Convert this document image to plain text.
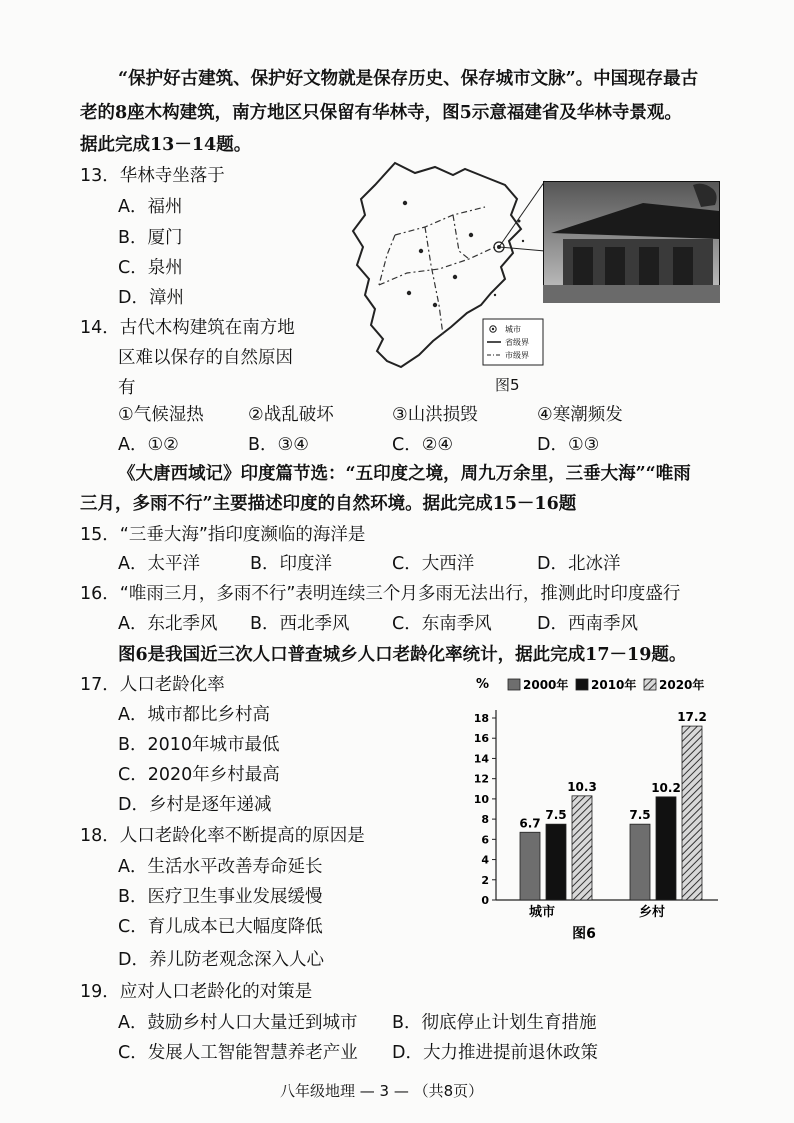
“保护好古建筑、保护好文物就是保存历史、保存城市文脉”。中国现存最古
老的8座木构建筑，南方地区只保留有华林寺，图5示意福建省及华林寺景观。
据此完成13－14题。
13．华林寺坐落于
A．福州
B．厦门
C．泉州
D．漳州
14．古代木构建筑在南方地
区难以保存的自然原因
有
①气候湿热	②战乱破坏	③山洪损毁	④寒潮频发
A．①②	B．③④	C．②④	D．①③
城市
省级界
市级界
图5
《大唐西域记》印度篇节选：“五印度之境，周九万余里，三垂大海”“唯雨
三月，多雨不行”主要描述印度的自然环境。据此完成15－16题
15．“三垂大海”指印度濒临的海洋是
A．太平洋	B．印度洋	C．大西洋	D．北冰洋
16．“唯雨三月，多雨不行”表明连续三个月多雨无法出行，推测此时印度盛行
A．东北季风 B．西北季风 C．东南季风	D．西南季风
图6是我国近三次人口普查城乡人口老龄化率统计，据此完成17－19题。
17．人口老龄化率
A．城市都比乡村高
B．2010年城市最低
C．2020年乡村最高
D．乡村是逐年递减
18．人口老龄化率不断提高的原因是
A．生活水平改善寿命延长
B．医疗卫生事业发展缓慢
C．育儿成本已大幅度降低
D．养儿防老观念深入人心
19．应对人口老龄化的对策是
A．鼓励乡村人口大量迁到城市 B．彻底停止计划生育措施
C．发展人工智能智慧养老产业 D．大力推进提前退休政策
八年级地理 — 3 — （共8页）
%
0
2
4
6
8
10
12
14
16
18
2000年 2010年 2020年
6.7
7.5
10.3
城市
7.5
10.2
17.2
乡村
图6
